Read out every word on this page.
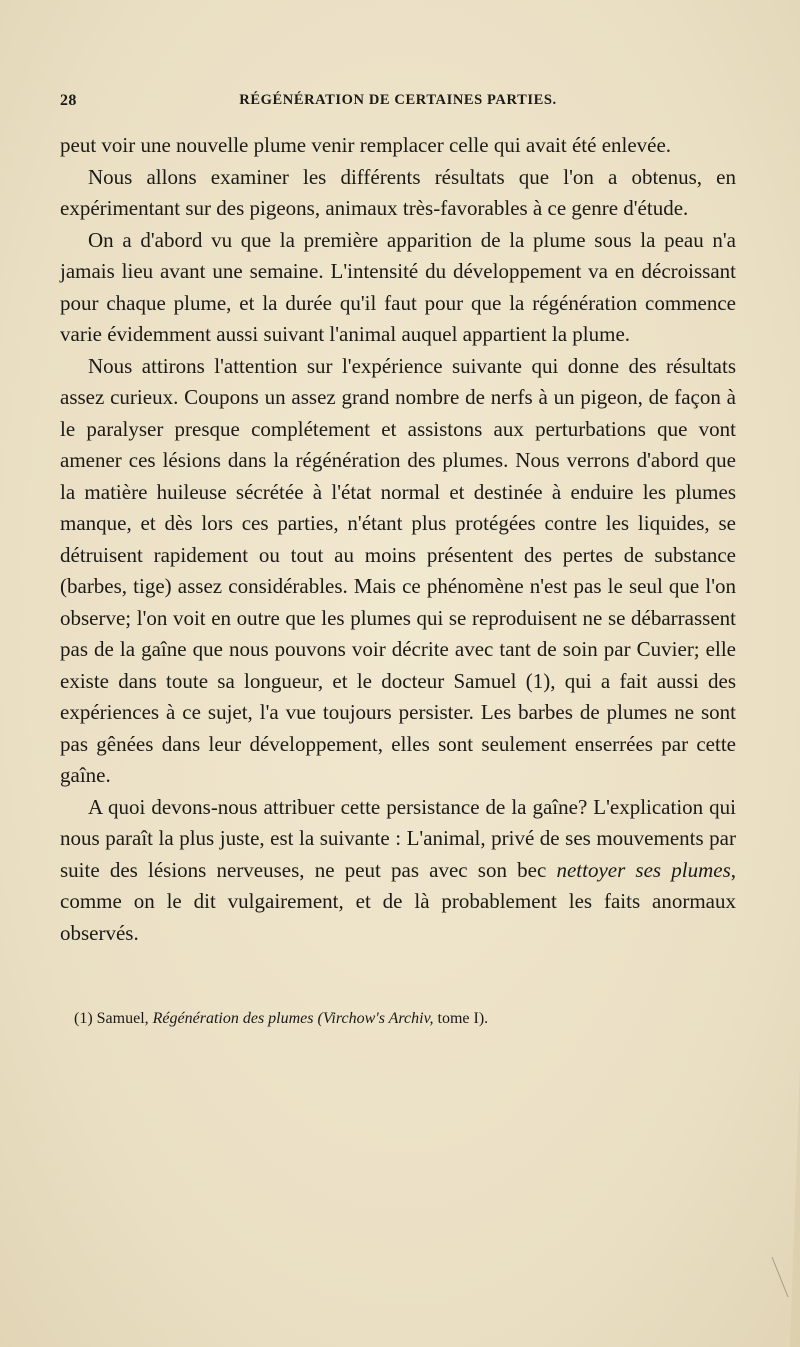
28	RÉGÉNÉRATION DE CERTAINES PARTIES.

peut voir une nouvelle plume venir remplacer celle qui avait été enlevée.

Nous allons examiner les différents résultats que l'on a obtenus, en expérimentant sur des pigeons, animaux très-favorables à ce genre d'étude.

On a d'abord vu que la première apparition de la plume sous la peau n'a jamais lieu avant une semaine. L'intensité du développement va en décroissant pour chaque plume, et la durée qu'il faut pour que la régénération commence varie évidemment aussi suivant l'animal auquel appartient la plume.

Nous attirons l'attention sur l'expérience suivante qui donne des résultats assez curieux. Coupons un assez grand nombre de nerfs à un pigeon, de façon à le paralyser presque complétement et assistons aux perturbations que vont amener ces lésions dans la régénération des plumes. Nous verrons d'abord que la matière huileuse sécrétée à l'état normal et destinée à enduire les plumes manque, et dès lors ces parties, n'étant plus protégées contre les liquides, se détruisent rapidement ou tout au moins présentent des pertes de substance (barbes, tige) assez considérables. Mais ce phénomène n'est pas le seul que l'on observe; l'on voit en outre que les plumes qui se reproduisent ne se débarrassent pas de la gaîne que nous pouvons voir décrite avec tant de soin par Cuvier; elle existe dans toute sa longueur, et le docteur Samuel (1), qui a fait aussi des expériences à ce sujet, l'a vue toujours persister. Les barbes de plumes ne sont pas gênées dans leur développement, elles sont seulement enserrées par cette gaîne.

A quoi devons-nous attribuer cette persistance de la gaîne? L'explication qui nous paraît la plus juste, est la suivante : L'animal, privé de ses mouvements par suite des lésions nerveuses, ne peut pas avec son bec nettoyer ses plumes, comme on le dit vulgairement, et de là probablement les faits anormaux observés.

(1) Samuel, Régénération des plumes (Virchow's Archiv, tome I).
